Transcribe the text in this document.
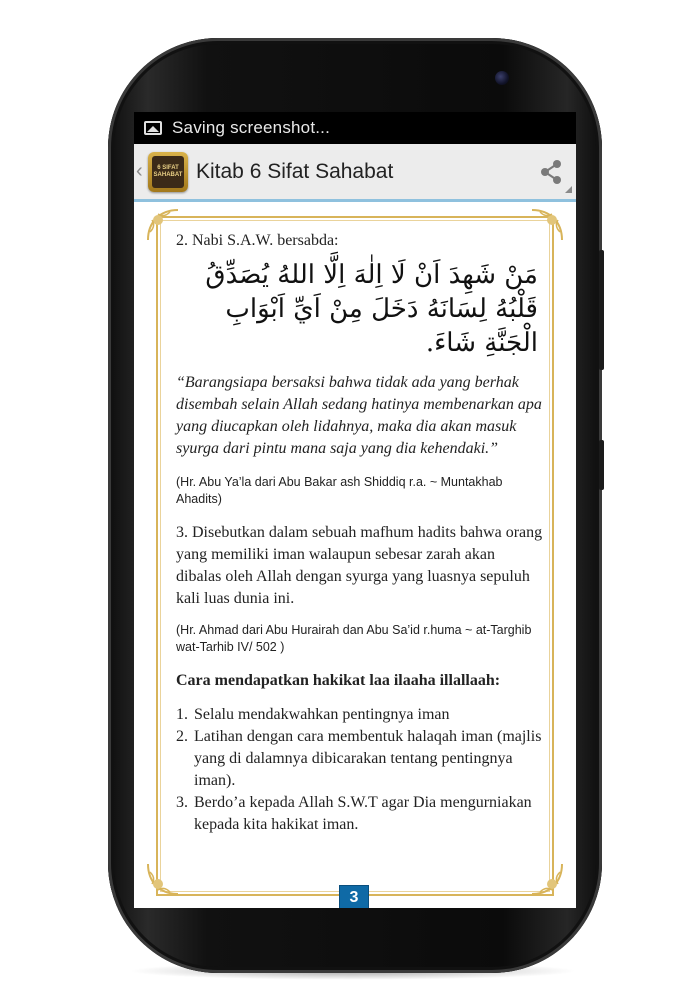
Saving screenshot...
‹	6 SIFAT
SAHABAT Kitab 6 Sifat Sahabat

2. Nabi S.A.W. bersabda:

مَنْ شَهِدَ اَنْ لَا اِلٰهَ اِلَّا اللهُ يُصَدِّقُ قَلْبُهُ لِسَانَهُ دَخَلَ مِنْ اَيِّ اَبْوَابِ الْجَنَّةِ شَاءَ.

“Barangsiapa bersaksi bahwa tidak ada yang berhak disembah selain Allah sedang hatinya membenarkan apa yang diucapkan oleh lidahnya, maka dia akan masuk syurga dari pintu mana saja yang dia kehendaki.”

(Hr. Abu Ya’la dari Abu Bakar ash Shiddiq r.a. ~ Muntakhab Ahadits)

3. Disebutkan dalam sebuah mafhum hadits bahwa orang yang memiliki iman walaupun sebesar zarah akan dibalas oleh Allah dengan syurga yang luasnya sepuluh kali luas dunia ini.

(Hr. Ahmad dari Abu Hurairah dan Abu Sa’id r.huma ~ at-Targhib wat-Tarhib IV/ 502 )

Cara mendapatkan hakikat laa ilaaha illallaah:

1. Selalu mendakwahkan pentingnya iman
2. Latihan dengan cara membentuk halaqah iman (majlis yang di dalamnya dibicarakan tentang pentingnya iman).
3. Berdo’a kepada Allah S.W.T agar Dia mengurniakan kepada kita hakikat iman.
3
